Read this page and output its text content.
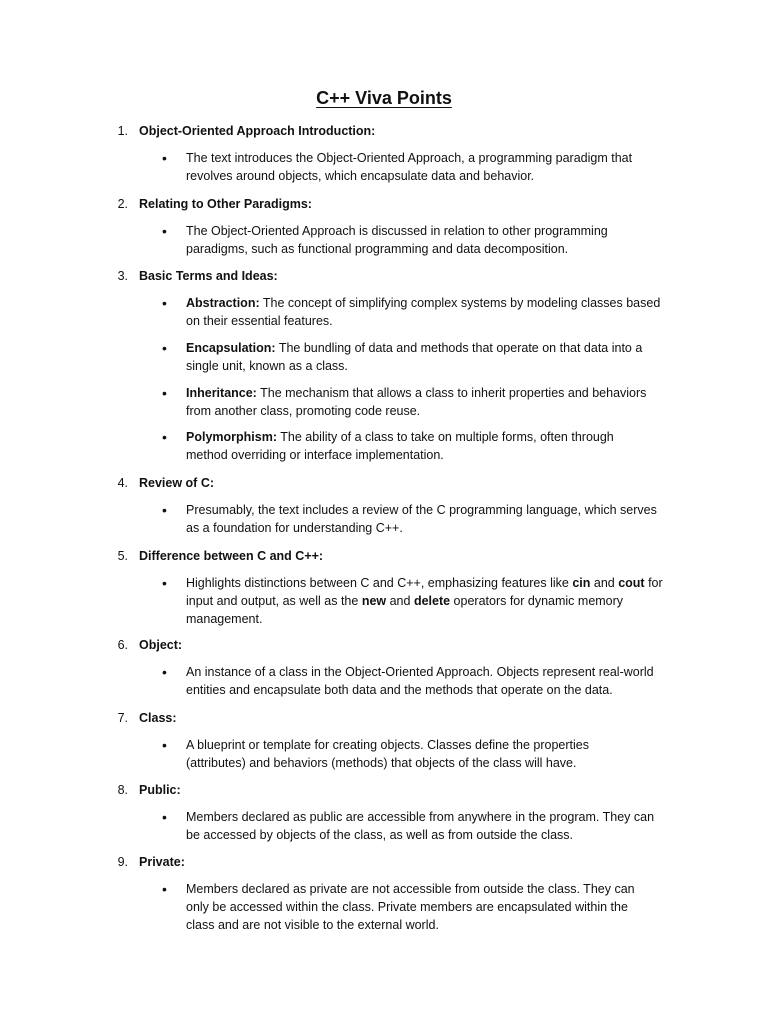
C++ Viva Points
1. Object-Oriented Approach Introduction:
• The text introduces the Object-Oriented Approach, a programming paradigm that
revolves around objects, which encapsulate data and behavior.
2. Relating to Other Paradigms:
• The Object-Oriented Approach is discussed in relation to other programming
paradigms, such as functional programming and data decomposition.
3. Basic Terms and Ideas:
• Abstraction: The concept of simplifying complex systems by modeling classes based
on their essential features.
• Encapsulation: The bundling of data and methods that operate on that data into a
single unit, known as a class.
• Inheritance: The mechanism that allows a class to inherit properties and behaviors
from another class, promoting code reuse.
• Polymorphism: The ability of a class to take on multiple forms, often through
method overriding or interface implementation.
4. Review of C:
• Presumably, the text includes a review of the C programming language, which serves
as a foundation for understanding C++.
5. Difference between C and C++:
• Highlights distinctions between C and C++, emphasizing features like cin and cout for
input and output, as well as the new and delete operators for dynamic memory
management.
6. Object:
• An instance of a class in the Object-Oriented Approach. Objects represent real-world
entities and encapsulate both data and the methods that operate on the data.
7. Class:
• A blueprint or template for creating objects. Classes define the properties
(attributes) and behaviors (methods) that objects of the class will have.
8. Public:
• Members declared as public are accessible from anywhere in the program. They can
be accessed by objects of the class, as well as from outside the class.
9. Private:
• Members declared as private are not accessible from outside the class. They can
only be accessed within the class. Private members are encapsulated within the
class and are not visible to the external world.
